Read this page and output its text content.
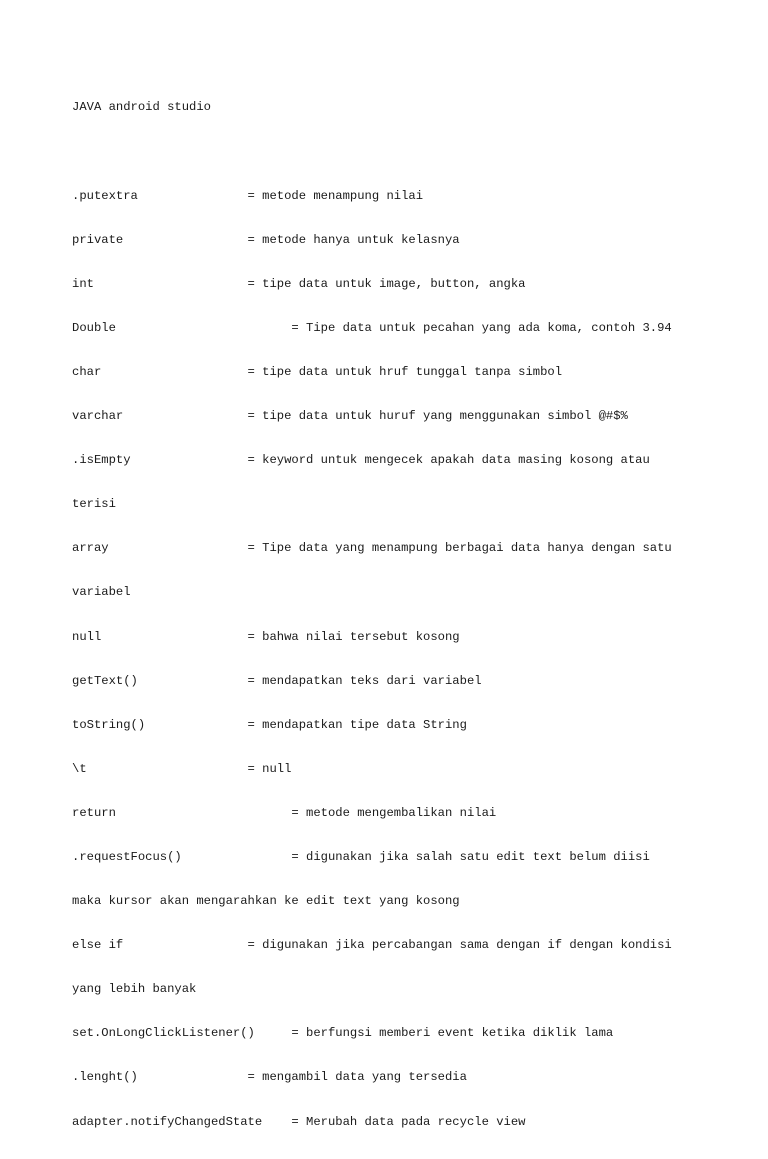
JAVA android studio

.putextra               = metode menampung nilai

private                 = metode hanya untuk kelasnya

int                     = tipe data untuk image, button, angka

Double                        = Tipe data untuk pecahan yang ada koma, contoh 3.94

char                    = tipe data untuk hruf tunggal tanpa simbol

varchar                 = tipe data untuk huruf yang menggunakan simbol @#$%

.isEmpty                = keyword untuk mengecek apakah data masing kosong atau

terisi

array                   = Tipe data yang menampung berbagai data hanya dengan satu

variabel

null                    = bahwa nilai tersebut kosong

getText()               = mendapatkan teks dari variabel

toString()              = mendapatkan tipe data String

\t                      = null

return                        = metode mengembalikan nilai

.requestFocus()               = digunakan jika salah satu edit text belum diisi

maka kursor akan mengarahkan ke edit text yang kosong

else if                 = digunakan jika percabangan sama dengan if dengan kondisi

yang lebih banyak

set.OnLongClickListener()     = berfungsi memberi event ketika diklik lama

.lenght()               = mengambil data yang tersedia

adapter.notifyChangedState    = Merubah data pada recycle view
